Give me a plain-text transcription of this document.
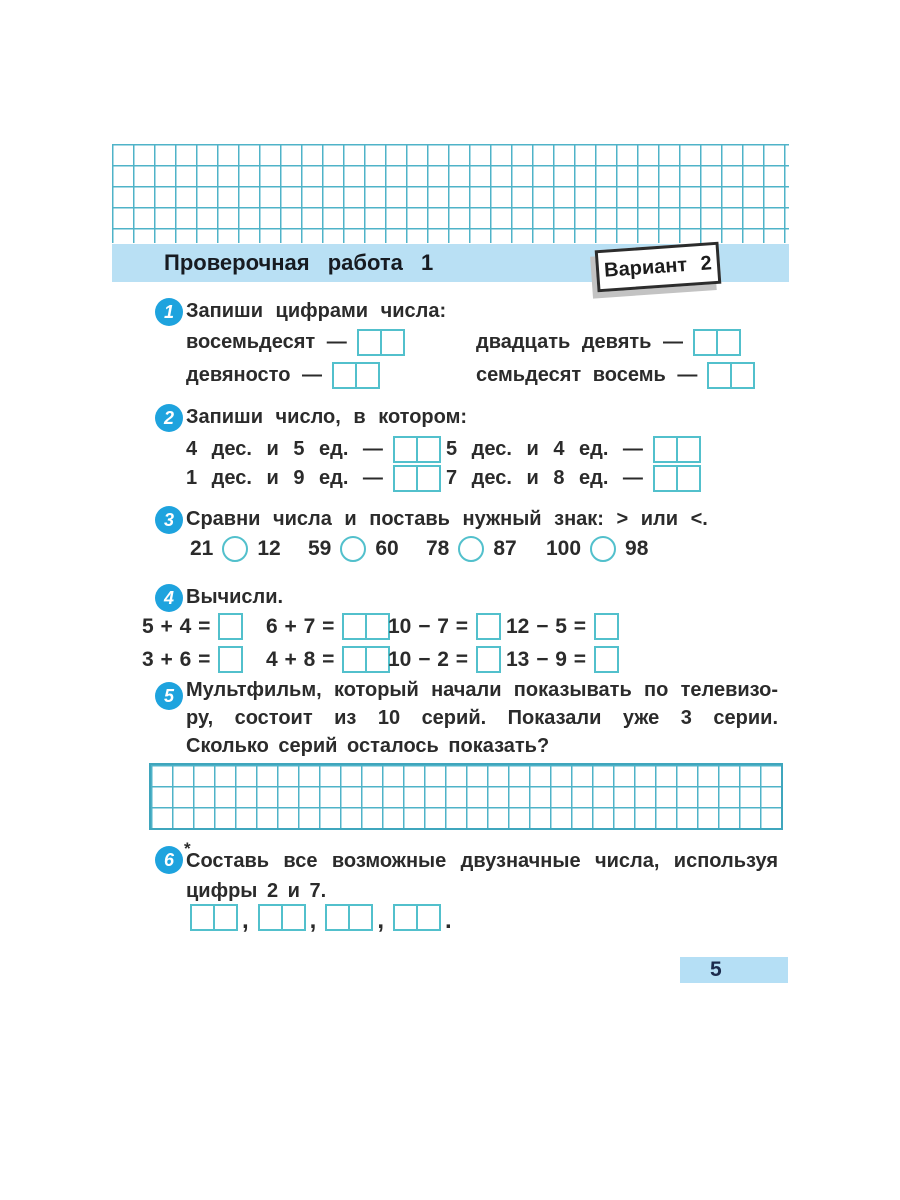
Проверочная работа 1	Вариант 2
1 Запиши цифрами числа:
восемьдесят —	двадцать девять —
девяносто —	семьдесят восемь —
2 Запиши число, в котором:
4 дес. и 5 ед. —	5 дес. и 4 ед. —
1 дес. и 9 ед. —	7 дес. и 8 ед. —
3 Сравни числа и поставь нужный знак: > или <.
21 12 59 60 78 87 100 98
4 Вычисли.
5 + 4 =	6 + 7 =	10 − 7 = 12 − 5 =
3 + 6 =	4 + 8 =	10 − 2 = 13 − 9 =
5 Мультфильм, который начали показывать по телевизо-
ру, состоит из 10 серий. Показали уже 3 серии.
Сколько серий осталось показать?
6
*
Составь все возможные двузначные числа, используя
цифры 2 и 7.
,	,	,	.
5
